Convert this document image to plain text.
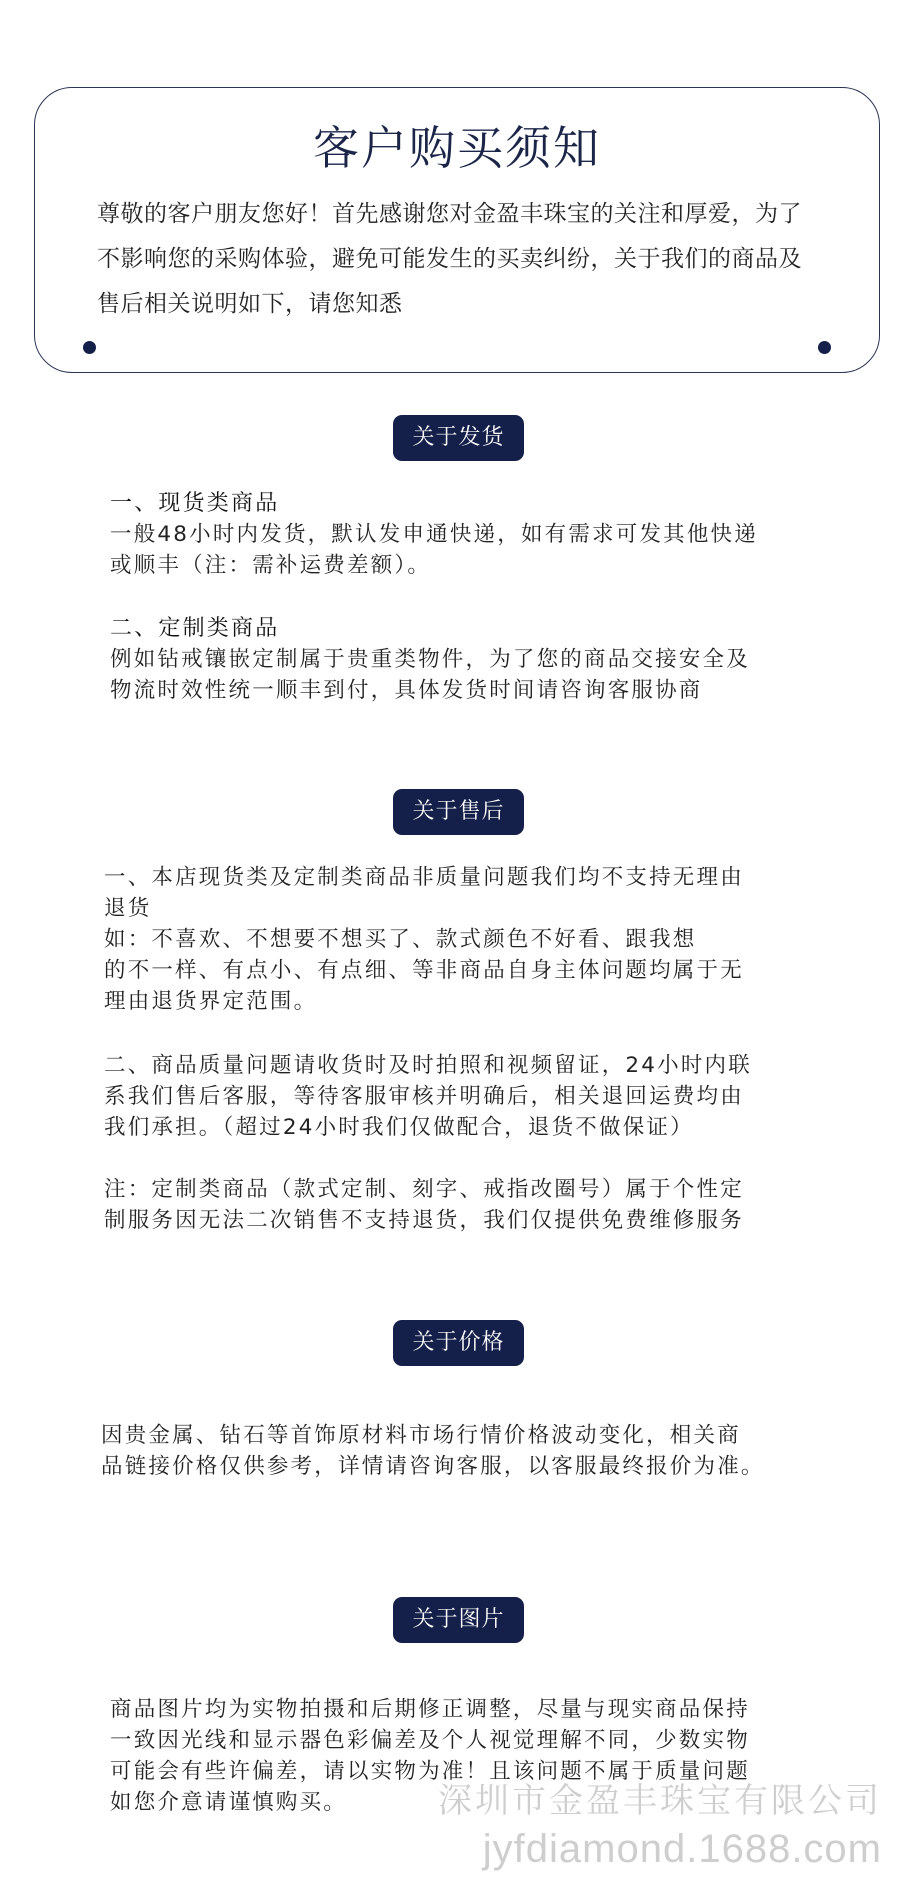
客户购买须知

尊敬的客户朋友您好！首先感谢您对金盈丰珠宝的关注和厚爱，为了不影响您的采购体验，避免可能发生的买卖纠纷，关于我们的商品及售后相关说明如下，请您知悉

关于发货

一、现货类商品

一般48小时内发货，默认发申通快递，如有需求可发其他快递
或顺丰（注：需补运费差额）。

二、定制类商品

例如钻戒镶嵌定制属于贵重类物件，为了您的商品交接安全及
物流时效性统一顺丰到付，具体发货时间请咨询客服协商

关于售后

一、本店现货类及定制类商品非质量问题我们均不支持无理由
退货
如：不喜欢、不想要不想买了、款式颜色不好看、跟我想
的不一样、有点小、有点细、等非商品自身主体问题均属于无
理由退货界定范围。

二、商品质量问题请收货时及时拍照和视频留证，24小时内联
系我们售后客服，等待客服审核并明确后，相关退回运费均由
我们承担。（超过24小时我们仅做配合，退货不做保证）

注：定制类商品（款式定制、刻字、戒指改圈号）属于个性定
制服务因无法二次销售不支持退货，我们仅提供免费维修服务

关于价格

因贵金属、钻石等首饰原材料市场行情价格波动变化，相关商
品链接价格仅供参考，详情请咨询客服，以客服最终报价为准。

关于图片

商品图片均为实物拍摄和后期修正调整，尽量与现实商品保持
一致因光线和显示器色彩偏差及个人视觉理解不同，少数实物
可能会有些许偏差，请以实物为准！且该问题不属于质量问题
如您介意请谨慎购买。	深圳市金盈丰珠宝有限公司

jyfdiamond.1688.com
